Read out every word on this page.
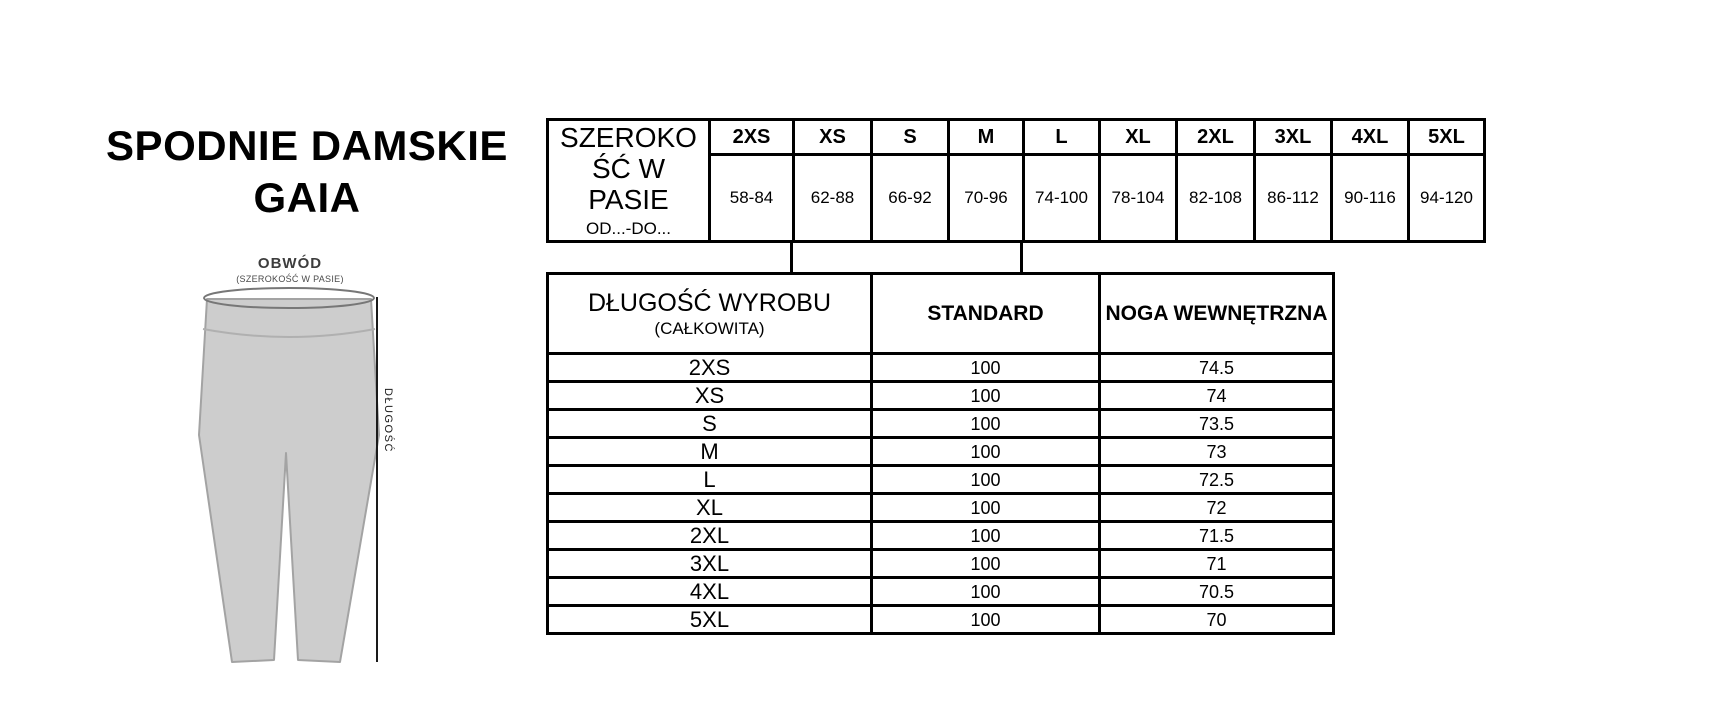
SPODNIE DAMSKIE
GAIA
OBWÓD
(SZEROKOŚĆ W PASIE)
DŁUGOŚĆ
SZEROKOŚĆ W PASIE
OD...-DO...	2XS	XS	S	M	L	XL	2XL	3XL	4XL	5XL
	58-84	62-88	66-92	70-96	74-100	78-104	82-108	86-112	90-116	94-120
DŁUGOŚĆ WYROBU
(CAŁKOWITA)	STANDARD	NOGA WEWNĘTRZNA
2XS	100	74.5
XS	100	74
S	100	73.5
M	100	73
L	100	72.5
XL	100	72
2XL	100	71.5
3XL	100	71
4XL	100	70.5
5XL	100	70
